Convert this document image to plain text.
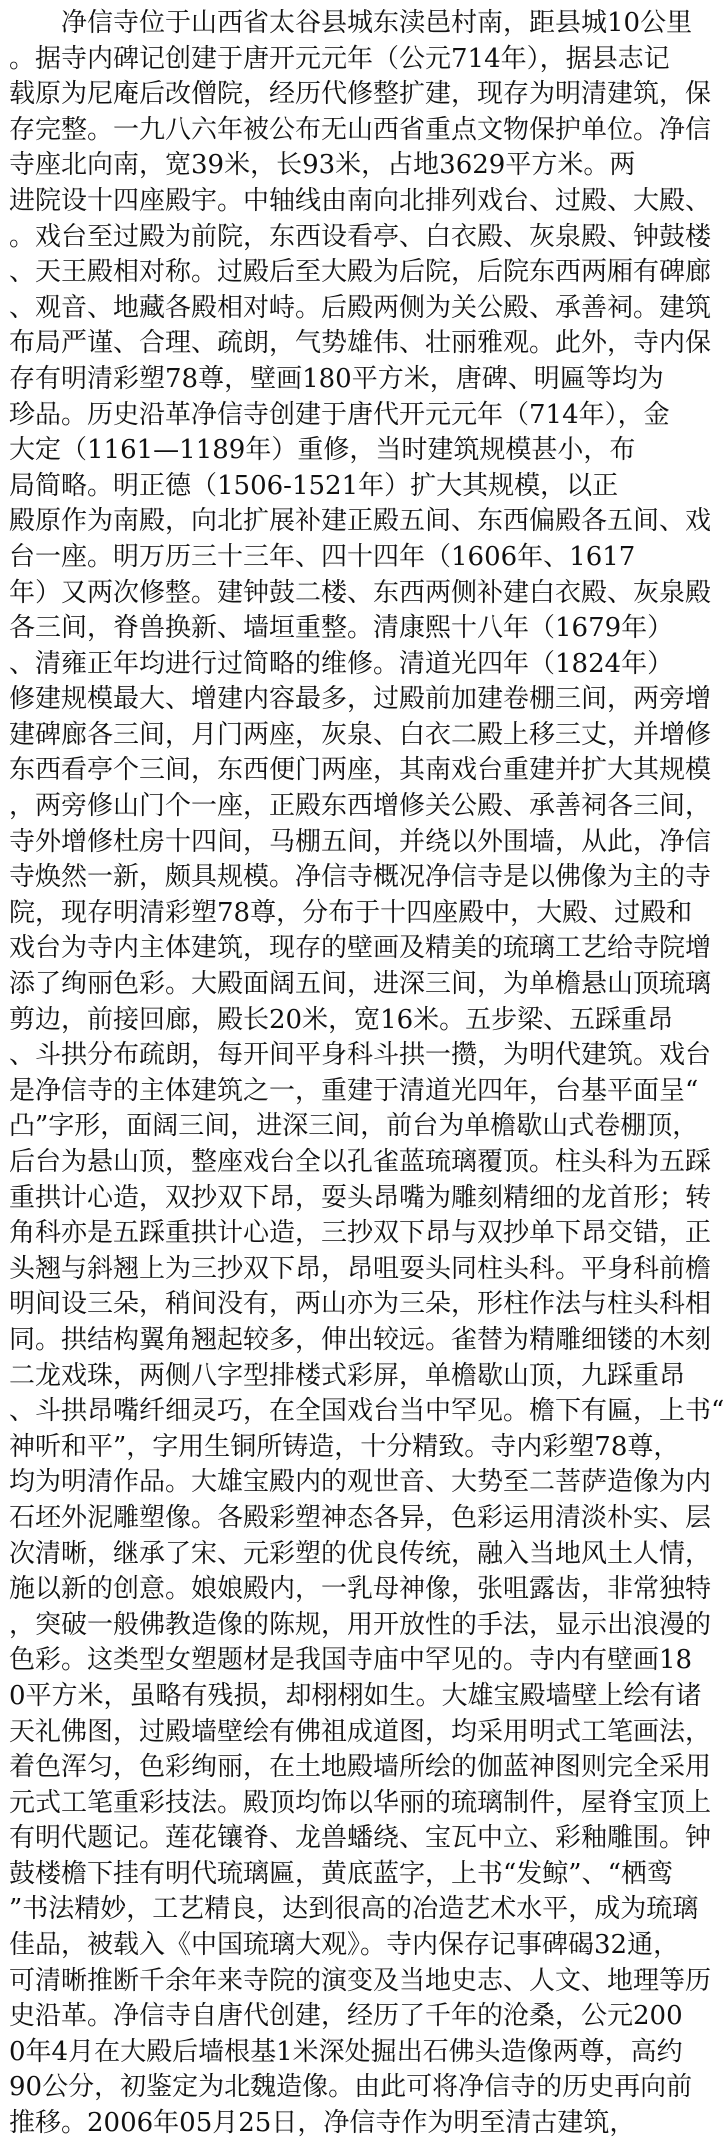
　　净信寺位于山西省太谷县城东渎邑村南，距县城10公里
。据寺内碑记创建于唐开元元年（公元714年），据县志记
载原为尼庵后改僧院，经历代修整扩建，现存为明清建筑，保
存完整。一九八六年被公布无山西省重点文物保护单位。净信
寺座北向南，宽39米，长93米，占地3629平方米。两
进院设十四座殿宇。中轴线由南向北排列戏台、过殿、大殿、
。戏台至过殿为前院，东西设看亭、白衣殿、灰泉殿、钟鼓楼
、天王殿相对称。过殿后至大殿为后院，后院东西两厢有碑廊
、观音、地藏各殿相对峙。后殿两侧为关公殿、承善祠。建筑
布局严谨、合理、疏朗，气势雄伟、壮丽雅观。此外，寺内保
存有明清彩塑78尊，壁画180平方米，唐碑、明匾等均为
珍品。历史沿革净信寺创建于唐代开元元年（714年），金
大定（1161—1189年）重修，当时建筑规模甚小，布
局简略。明正德（1506-1521年）扩大其规模，以正
殿原作为南殿，向北扩展补建正殿五间、东西偏殿各五间、戏
台一座。明万历三十三年、四十四年（1606年、1617
年）又两次修整。建钟鼓二楼、东西两侧补建白衣殿、灰泉殿
各三间，脊兽换新、墙垣重整。清康熙十八年（1679年）
、清雍正年均进行过简略的维修。清道光四年（1824年）
修建规模最大、增建内容最多，过殿前加建卷棚三间，两旁增
建碑廊各三间，月门两座，灰泉、白衣二殿上移三丈，并增修
东西看亭个三间，东西便门两座，其南戏台重建并扩大其规模
，两旁修山门个一座，正殿东西增修关公殿、承善祠各三间，
寺外增修杜房十四间，马棚五间，并绕以外围墙，从此，净信
寺焕然一新，颇具规模。净信寺概况净信寺是以佛像为主的寺
院，现存明清彩塑78尊，分布于十四座殿中，大殿、过殿和
戏台为寺内主体建筑，现存的壁画及精美的琉璃工艺给寺院增
添了绚丽色彩。大殿面阔五间，进深三间，为单檐悬山顶琉璃
剪边，前接回廊，殿长20米，宽16米。五步梁、五踩重昂
、斗拱分布疏朗，每开间平身科斗拱一攒，为明代建筑。戏台
是净信寺的主体建筑之一，重建于清道光四年，台基平面呈“
凸”字形，面阔三间，进深三间，前台为单檐歇山式卷棚顶，
后台为悬山顶，整座戏台全以孔雀蓝琉璃覆顶。柱头科为五踩
重拱计心造，双抄双下昂，耍头昂嘴为雕刻精细的龙首形；转
角科亦是五踩重拱计心造，三抄双下昂与双抄单下昂交错，正
头翘与斜翘上为三抄双下昂，昂咀耍头同柱头科。平身科前檐
明间设三朵，稍间没有，两山亦为三朵，形柱作法与柱头科相
同。拱结构翼角翘起较多，伸出较远。雀替为精雕细镂的木刻
二龙戏珠，两侧八字型排楼式彩屏，单檐歇山顶，九踩重昂
、斗拱昂嘴纤细灵巧，在全国戏台当中罕见。檐下有匾，上书“
神听和平”，字用生铜所铸造，十分精致。寺内彩塑78尊，
均为明清作品。大雄宝殿内的观世音、大势至二菩萨造像为内
石坯外泥雕塑像。各殿彩塑神态各异，色彩运用清淡朴实、层
次清晰，继承了宋、元彩塑的优良传统，融入当地风土人情，
施以新的创意。娘娘殿内，一乳母神像，张咀露齿，非常独特
，突破一般佛教造像的陈规，用开放性的手法，显示出浪漫的
色彩。这类型女塑题材是我国寺庙中罕见的。寺内有壁画18
0平方米，虽略有残损，却栩栩如生。大雄宝殿墙壁上绘有诸
天礼佛图，过殿墙壁绘有佛祖成道图，均采用明式工笔画法，
着色浑匀，色彩绚丽，在土地殿墙所绘的伽蓝神图则完全采用
元式工笔重彩技法。殿顶均饰以华丽的琉璃制件，屋脊宝顶上
有明代题记。莲花镶脊、龙兽蟠绕、宝瓦中立、彩釉雕围。钟
鼓楼檐下挂有明代琉璃匾，黄底蓝字，上书“发鲸”、“栖鸾
”书法精妙，工艺精良，达到很高的冶造艺术水平，成为琉璃
佳品，被载入《中国琉璃大观》。寺内保存记事碑碣32通，
可清晰推断千余年来寺院的演变及当地史志、人文、地理等历
史沿革。净信寺自唐代创建，经历了千年的沧桑，公元200
0年4月在大殿后墙根基1米深处掘出石佛头造像两尊，高约
90公分，初鉴定为北魏造像。由此可将净信寺的历史再向前
推移。2006年05月25日，净信寺作为明至清古建筑，
